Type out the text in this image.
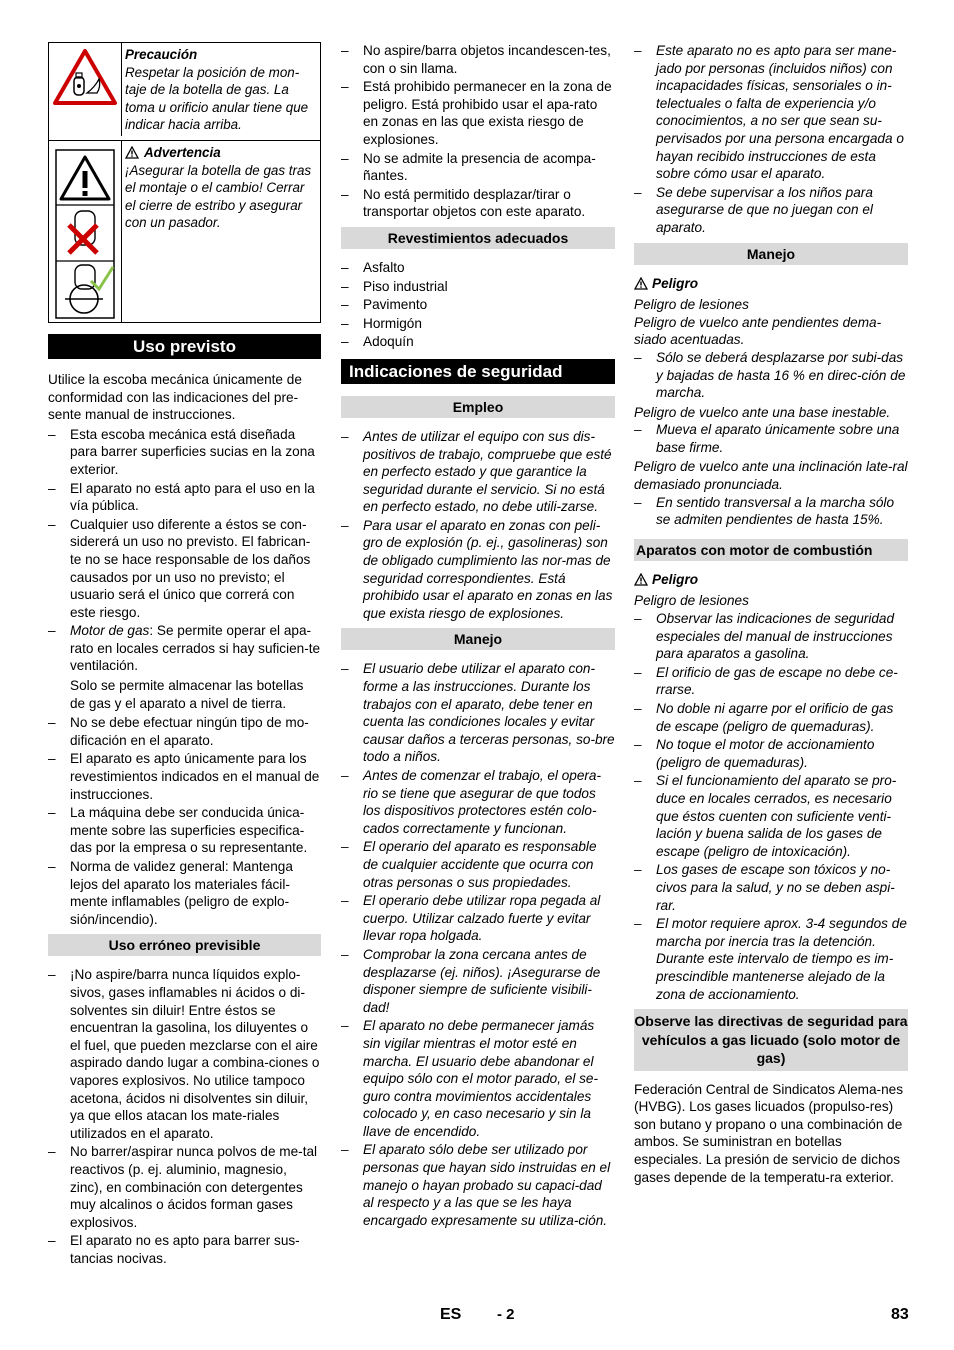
Precaución
Respetar la posición de mon-taje de la botella de gas. La toma u orificio anular tiene que indicar hacia arriba.
Advertencia
¡Asegurar la botella de gas tras el montaje o el cambio! Cerrar el cierre de estribo y asegurar con un pasador.
Uso previsto

Utilice la escoba mecánica únicamente de conformidad con las indicaciones del pre-sente manual de instrucciones.

– Esta escoba mecánica está diseñada para barrer superficies sucias en la zona exterior.
– El aparato no está apto para el uso en la vía pública.
– Cualquier uso diferente a éstos se con-sidererá un uso no previsto. El fabrican-te no se hace responsable de los daños causados por un uso no previsto; el usuario será el único que correrá con este riesgo.
– Motor de gas: Se permite operar el apa-rato en locales cerrados si hay suficien-te ventilación.

Solo se permite almacenar las botellas de gas y el aparato a nivel de tierra.

– No se debe efectuar ningún tipo de mo-dificación en el aparato.
– El aparato es apto únicamente para los revestimientos indicados en el manual de instrucciones.
– La máquina debe ser conducida única-mente sobre las superficies especifica-das por la empresa o su representante.
– Norma de validez general: Mantenga lejos del aparato los materiales fácil-mente inflamables (peligro de explo-sión/incendio).
Uso erróneo previsible
– ¡No aspire/barra nunca líquidos explo-sivos, gases inflamables ni ácidos o di-solventes sin diluir! Entre éstos se encuentran la gasolina, los diluyentes o el fuel, que pueden mezclarse con el aire aspirado dando lugar a combina-ciones o vapores explosivos. No utilice tampoco acetona, ácidos ni disolventes sin diluir, ya que ellos atacan los mate-riales utilizados en el aparato.
– No barrer/aspirar nunca polvos de me-tal reactivos (p. ej. aluminio, magnesio, zinc), en combinación con detergentes muy alcalinos o ácidos forman gases explosivos.
– El aparato no es apto para barrer sus-tancias nocivas.
– No aspire/barra objetos incandescen-tes, con o sin llama.
– Está prohibido permanecer en la zona de peligro. Está prohibido usar el apa-rato en zonas en las que exista riesgo de explosiones.
– No se admite la presencia de acompa-ñantes.
– No está permitido desplazar/tirar o transportar objetos con este aparato.
Revestimientos adecuados
– Asfalto
– Piso industrial
– Pavimento
– Hormigón
– Adoquín
Indicaciones de seguridad
Empleo
– Antes de utilizar el equipo con sus dis-positivos de trabajo, compruebe que esté en perfecto estado y que garantice la seguridad durante el servicio. Si no está en perfecto estado, no debe utili-zarse.
– Para usar el aparato en zonas con peli-gro de explosión (p. ej., gasolineras) son de obligado cumplimiento las nor-mas de seguridad correspondientes. Está prohibido usar el aparato en zonas en las que exista riesgo de explosiones.
Manejo
– El usuario debe utilizar el aparato con-forme a las instrucciones. Durante los trabajos con el aparato, debe tener en cuenta las condiciones locales y evitar causar daños a terceras personas, so-bre todo a niños.
– Antes de comenzar el trabajo, el opera-rio se tiene que asegurar de que todos los dispositivos protectores estén colo-cados correctamente y funcionan.
– El operario del aparato es responsable de cualquier accidente que ocurra con otras personas o sus propiedades.
– El operario debe utilizar ropa pegada al cuerpo. Utilizar calzado fuerte y evitar llevar ropa holgada.
– Comprobar la zona cercana antes de desplazarse (ej. niños). ¡Asegurarse de disponer siempre de suficiente visibili-dad!
– El aparato no debe permanecer jamás sin vigilar mientras el motor esté en marcha. El usuario debe abandonar el equipo sólo con el motor parado, el se-guro contra movimientos accidentales colocado y, en caso necesario y sin la llave de encendido.
– El aparato sólo debe ser utilizado por personas que hayan sido instruidas en el manejo o hayan probado su capaci-dad al respecto y a las que se les haya encargado expresamente su utiliza-ción.
– Este aparato no es apto para ser mane-jado por personas (incluidos niños) con incapacidades físicas, sensoriales o in-telectuales o falta de experiencia y/o conocimientos, a no ser que sean su-pervisados por una persona encargada o hayan recibido instrucciones de esta sobre cómo usar el aparato.
– Se debe supervisar a los niños para asegurarse de que no juegan con el aparato.
Manejo
Peligro
Peligro de lesiones
Peligro de vuelco ante pendientes dema-siado acentuadas.
– Sólo se deberá desplazarse por subi-das y bajadas de hasta 16 % en direc-ción de marcha.
Peligro de vuelco ante una base inestable.
– Mueva el aparato únicamente sobre una base firme.
Peligro de vuelco ante una inclinación late-ral demasiado pronunciada.
– En sentido transversal a la marcha sólo se admiten pendientes de hasta 15%.
Aparatos con motor de combustión
Peligro
Peligro de lesiones
– Observar las indicaciones de seguridad especiales del manual de instrucciones para aparatos a gasolina.
– El orificio de gas de escape no debe ce-rrarse.
– No doble ni agarre por el orificio de gas de escape (peligro de quemaduras).
– No toque el motor de accionamiento (peligro de quemaduras).
– Si el funcionamiento del aparato se pro-duce en locales cerrados, es necesario que éstos cuenten con suficiente venti-lación y buena salida de los gases de escape (peligro de intoxicación).
– Los gases de escape son tóxicos y no-civos para la salud, y no se deben aspi-rar.
– El motor requiere aprox. 3-4 segundos de marcha por inercia tras la detención. Durante este intervalo de tiempo es im-prescindible mantenerse alejado de la zona de accionamiento.
Observe las directivas de seguridad para vehículos a gas licuado (solo motor de gas)

Federación Central de Sindicatos Alema-nes (HVBG). Los gases licuados (propulso-res) son butano y propano o una combinación de ambos. Se suministran en botellas especiales. La presión de servicio de dichos gases depende de la temperatu-ra exterior.

ES - 2	83
